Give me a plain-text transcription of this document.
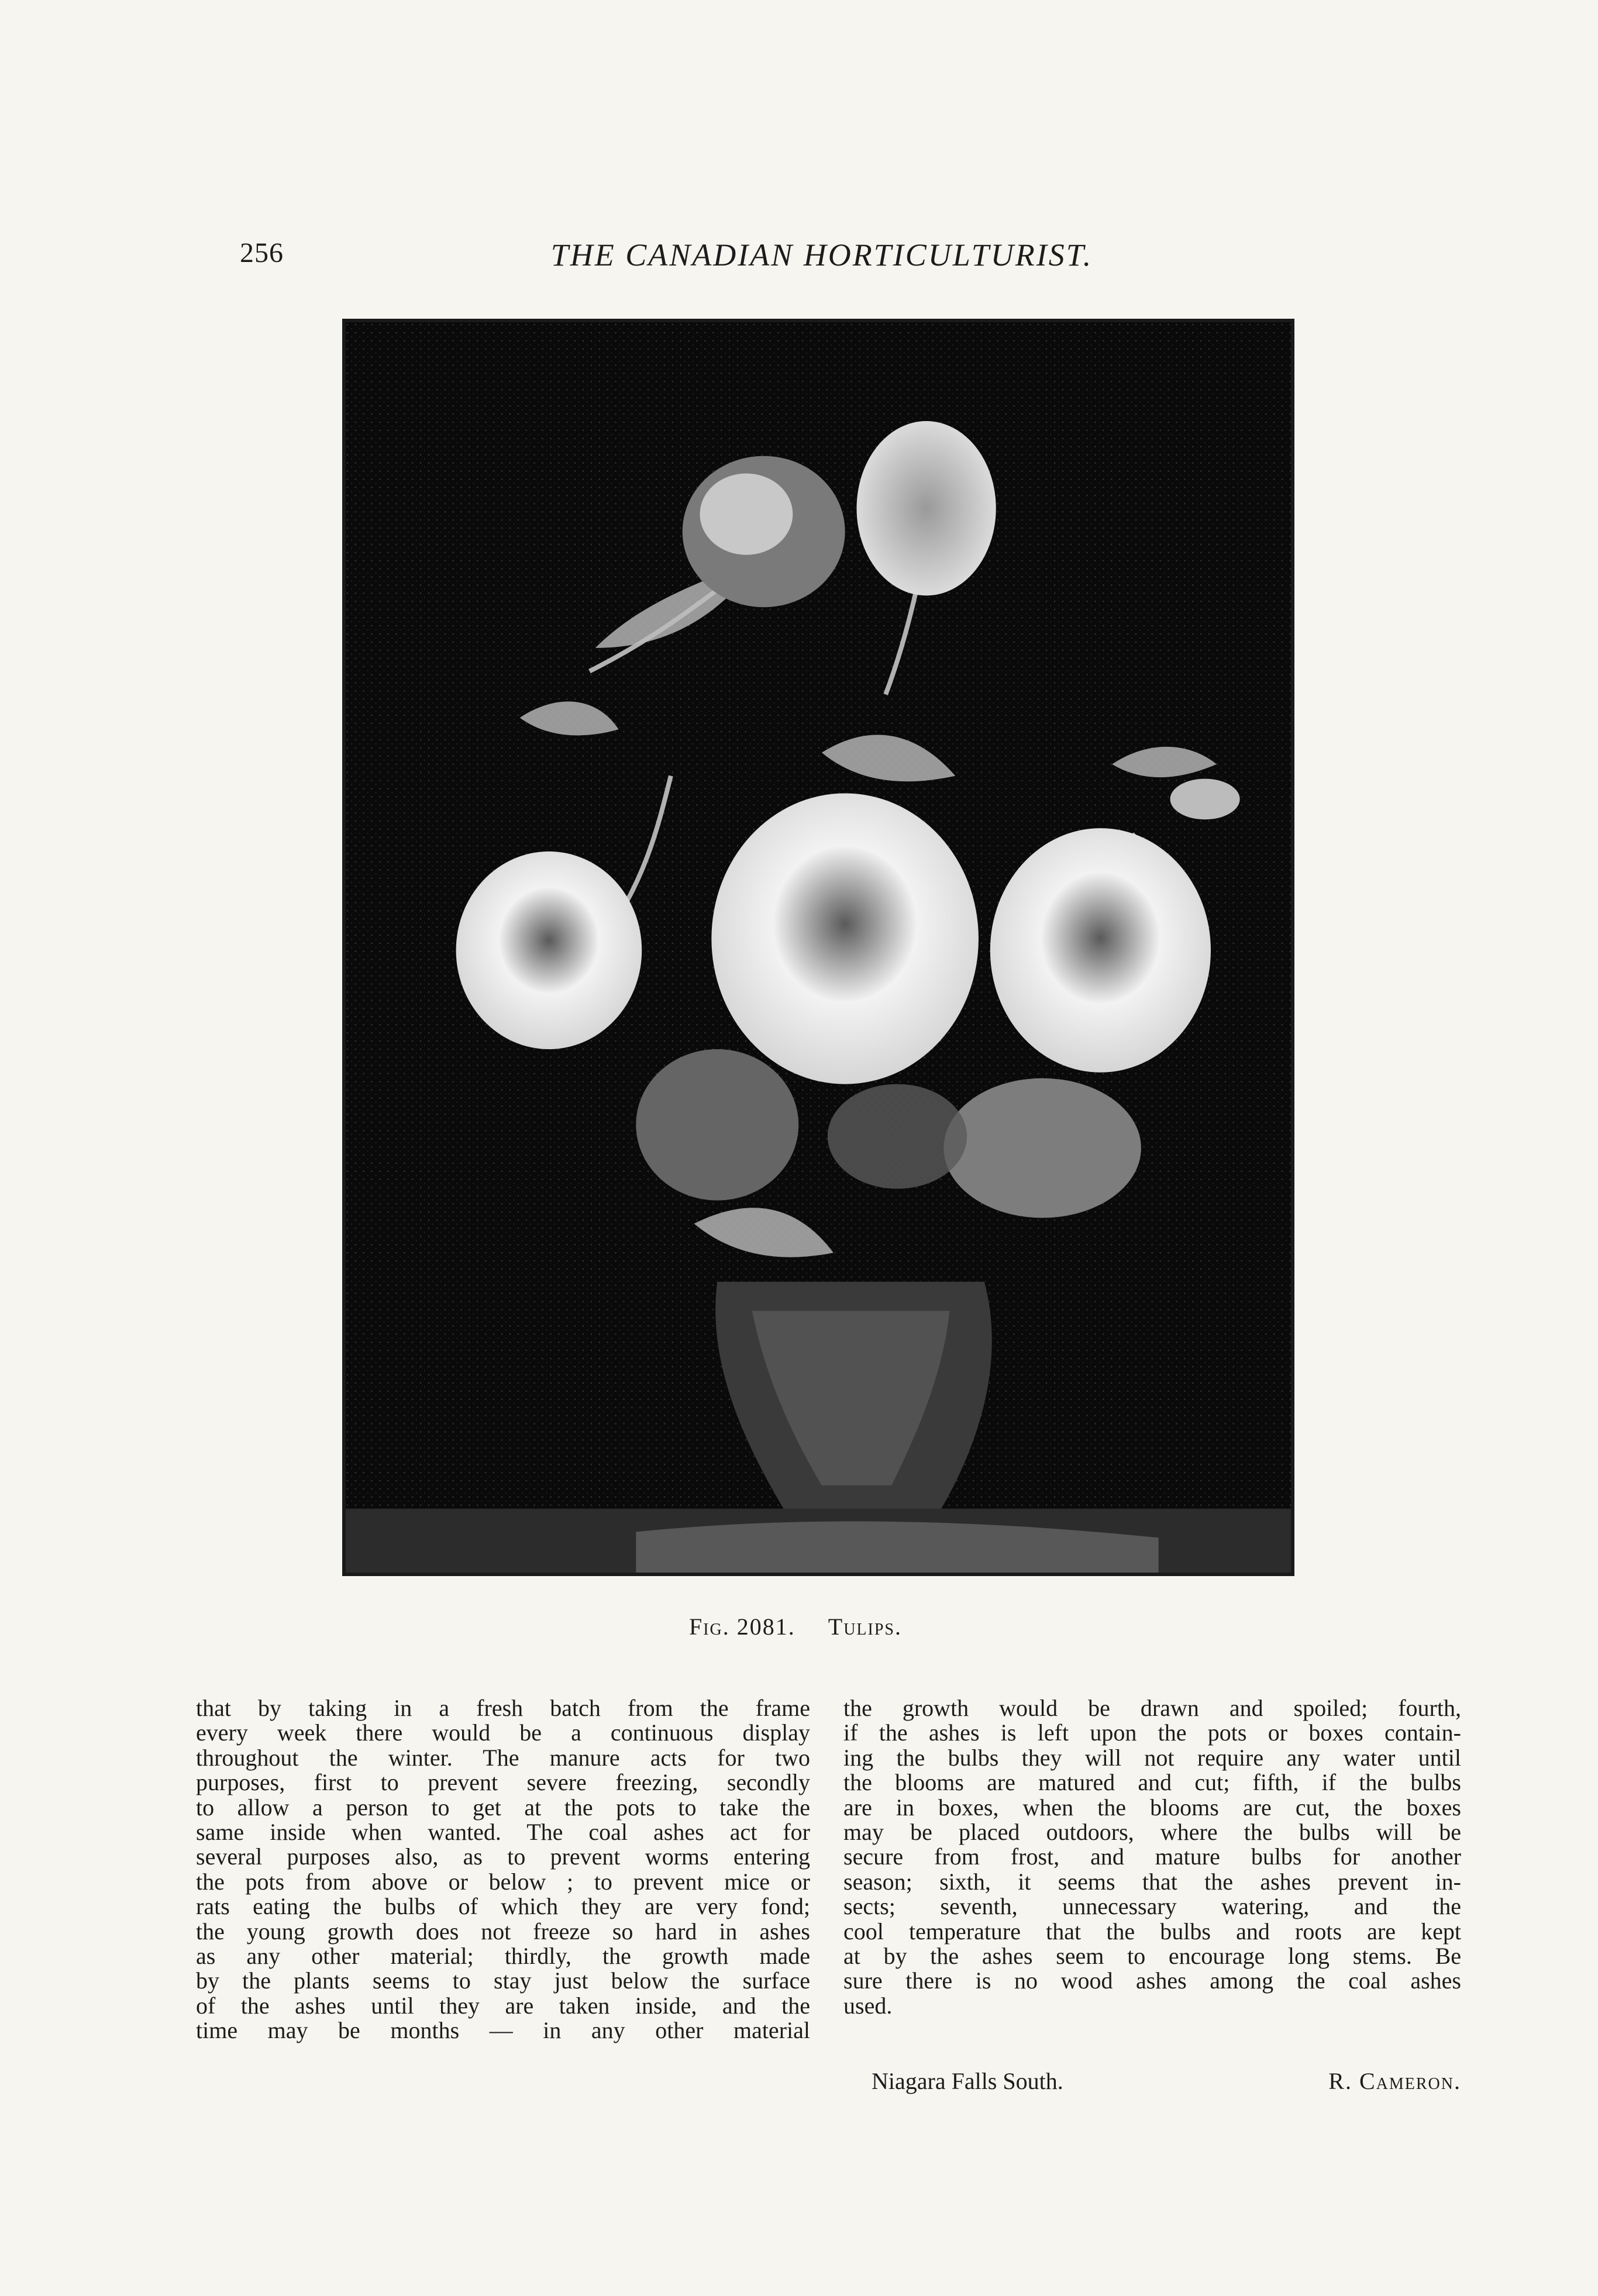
256	THE CANADIAN HORTICULTURIST.
Fig. 2081. Tulips.
that by taking in a fresh batch from the frame
every week there would be a continuous display
throughout the winter. The manure acts for two
purposes, first to prevent severe freezing, secondly
to allow a person to get at the pots to take the
same inside when wanted. The coal ashes act for
several purposes also, as to prevent worms entering
the pots from above or below ; to prevent mice or
rats eating the bulbs of which they are very fond;
the young growth does not freeze so hard in ashes
as any other material; thirdly, the growth made
by the plants seems to stay just below the surface
of the ashes until they are taken inside, and the
time may be months — in any other material
the growth would be drawn and spoiled; fourth,
if the ashes is left upon the pots or boxes contain-
ing the bulbs they will not require any water until
the blooms are matured and cut; fifth, if the bulbs
are in boxes, when the blooms are cut, the boxes
may be placed outdoors, where the bulbs will be
secure from frost, and mature bulbs for another
season; sixth, it seems that the ashes prevent in-
sects; seventh, unnecessary watering, and the
cool temperature that the bulbs and roots are kept
at by the ashes seem to encourage long stems. Be
sure there is no wood ashes among the coal ashes
used.
Niagara Falls South.	R. Cameron.
